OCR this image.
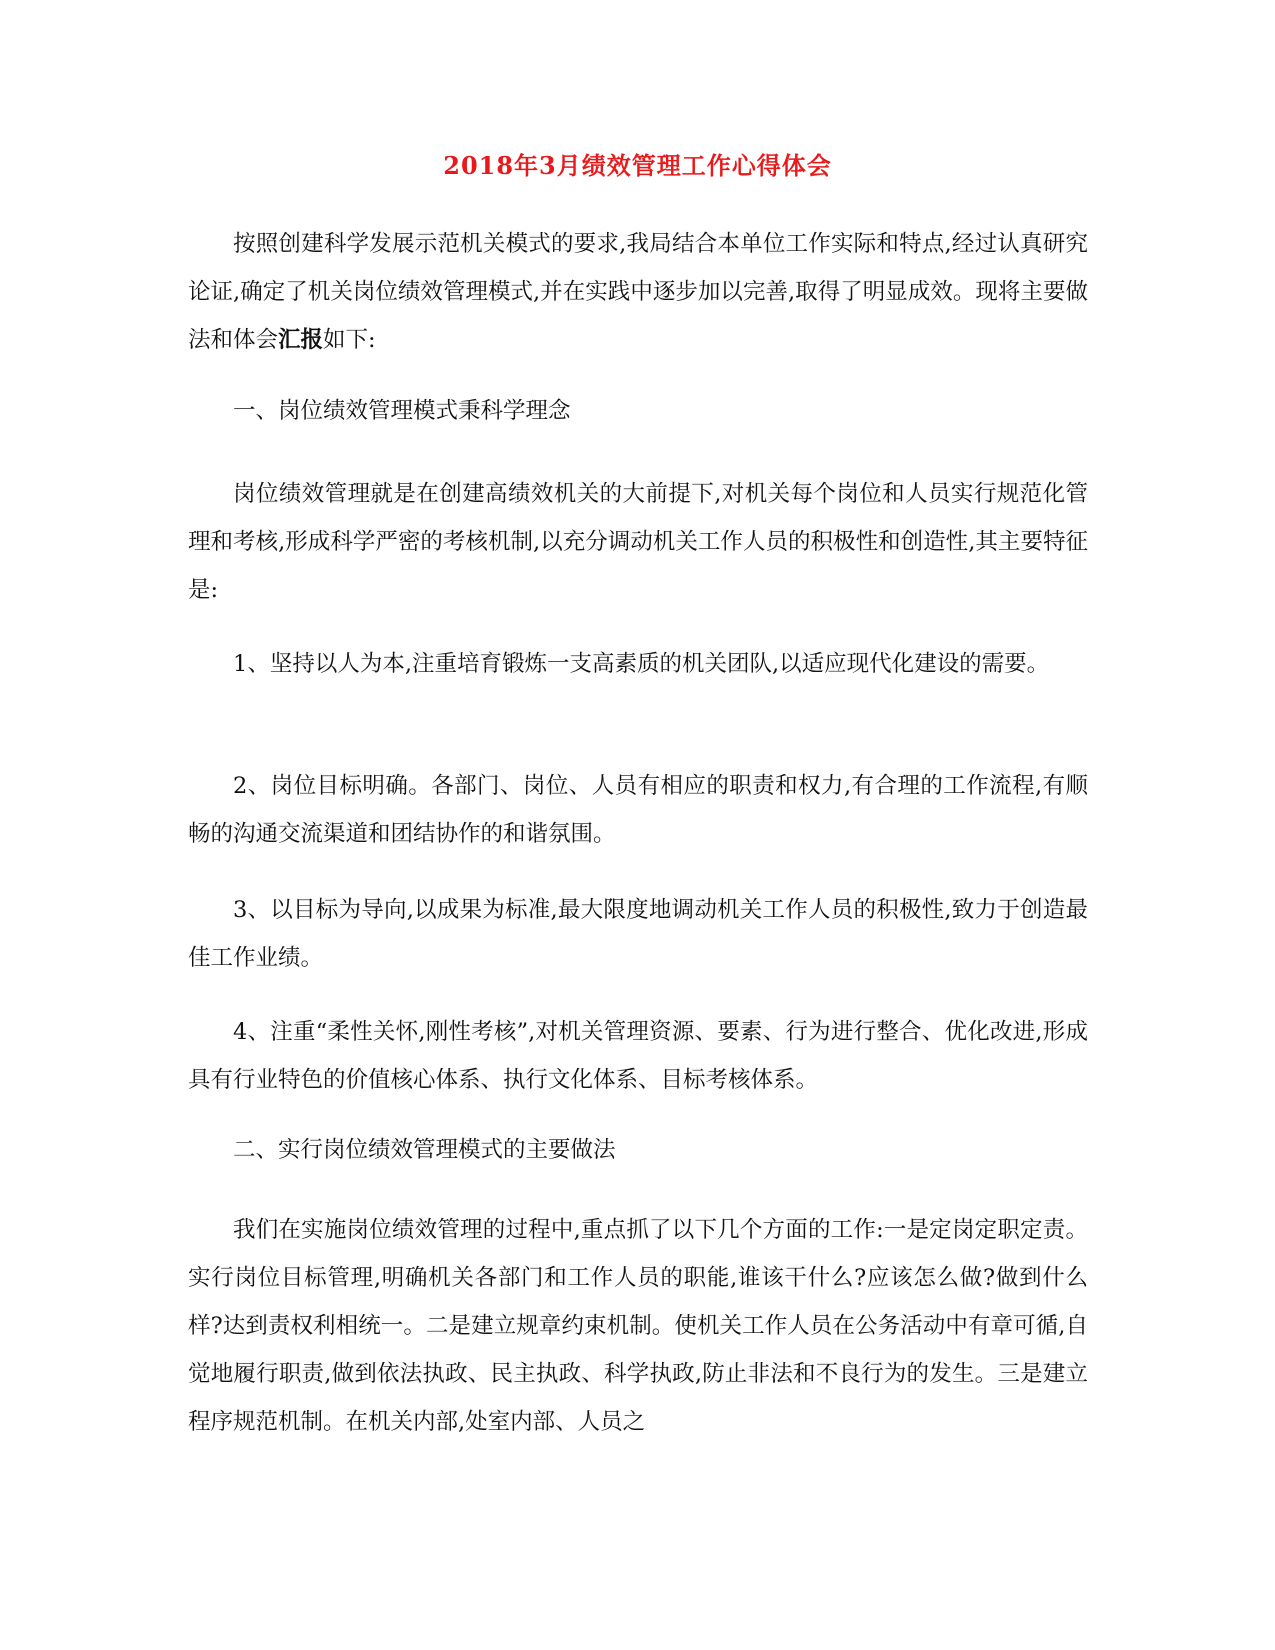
2018年3月绩效管理工作心得体会

按照创建科学发展示范机关模式的要求,我局结合本单位工作实际和特点,经过认真研究论证,确定了机关岗位绩效管理模式,并在实践中逐步加以完善,取得了明显成效。现将主要做法和体会汇报如下:

一、岗位绩效管理模式秉科学理念

岗位绩效管理就是在创建高绩效机关的大前提下,对机关每个岗位和人员实行规范化管理和考核,形成科学严密的考核机制,以充分调动机关工作人员的积极性和创造性,其主要特征是:

1、坚持以人为本,注重培育锻炼一支高素质的机关团队,以适应现代化建设的需要。

2、岗位目标明确。各部门、岗位、人员有相应的职责和权力,有合理的工作流程,有顺畅的沟通交流渠道和团结协作的和谐氛围。

3、以目标为导向,以成果为标准,最大限度地调动机关工作人员的积极性,致力于创造最佳工作业绩。

4、注重“柔性关怀,刚性考核”,对机关管理资源、要素、行为进行整合、优化改进,形成具有行业特色的价值核心体系、执行文化体系、目标考核体系。

二、实行岗位绩效管理模式的主要做法

我们在实施岗位绩效管理的过程中,重点抓了以下几个方面的工作:一是定岗定职定责。实行岗位目标管理,明确机关各部门和工作人员的职能,谁该干什么?应该怎么做?做到什么样?达到责权利相统一。二是建立规章约束机制。使机关工作人员在公务活动中有章可循,自觉地履行职责,做到依法执政、民主执政、科学执政,防止非法和不良行为的发生。三是建立程序规范机制。在机关内部,处室内部、人员之
